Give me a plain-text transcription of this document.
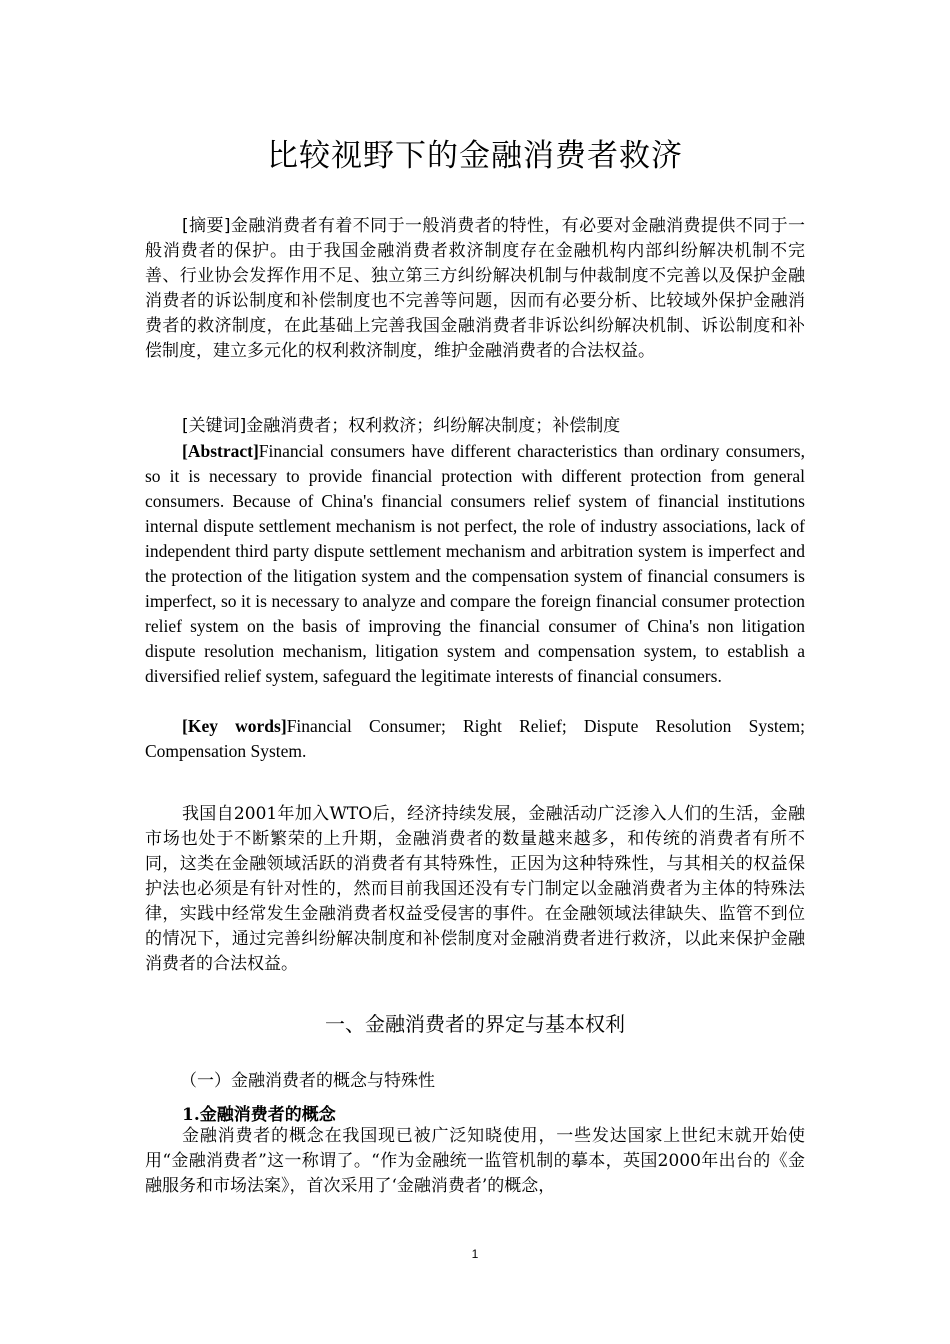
比较视野下的金融消费者救济
[摘要]金融消费者有着不同于一般消费者的特性，有必要对金融消费提供不同于一般消费者的保护。由于我国金融消费者救济制度存在金融机构内部纠纷解决机制不完善、行业协会发挥作用不足、独立第三方纠纷解决机制与仲裁制度不完善以及保护金融消费者的诉讼制度和补偿制度也不完善等问题，因而有必要分析、比较域外保护金融消费者的救济制度，在此基础上完善我国金融消费者非诉讼纠纷解决机制、诉讼制度和补偿制度，建立多元化的权利救济制度，维护金融消费者的合法权益。
[关键词]金融消费者；权利救济；纠纷解决制度；补偿制度
[Abstract]Financial consumers have different characteristics than ordinary consumers, so it is necessary to provide financial protection with different protection from general consumers. Because of China's financial consumers relief system of financial institutions internal dispute settlement mechanism is not perfect, the role of industry associations, lack of independent third party dispute settlement mechanism and arbitration system is imperfect and the protection of the litigation system and the compensation system of financial consumers is imperfect, so it is necessary to analyze and compare the foreign financial consumer protection relief system on the basis of improving the financial consumer of China's non litigation dispute resolution mechanism, litigation system and compensation system, to establish a diversified relief system, safeguard the legitimate interests of financial consumers.
[Key words]Financial Consumer; Right Relief; Dispute Resolution System; Compensation System.
我国自2001年加入WTO后，经济持续发展，金融活动广泛渗入人们的生活，金融市场也处于不断繁荣的上升期，金融消费者的数量越来越多，和传统的消费者有所不同，这类在金融领域活跃的消费者有其特殊性，正因为这种特殊性，与其相关的权益保护法也必须是有针对性的，然而目前我国还没有专门制定以金融消费者为主体的特殊法律，实践中经常发生金融消费者权益受侵害的事件。在金融领域法律缺失、监管不到位的情况下，通过完善纠纷解决制度和补偿制度对金融消费者进行救济，以此来保护金融消费者的合法权益。
一、金融消费者的界定与基本权利
（一）金融消费者的概念与特殊性
1.金融消费者的概念
金融消费者的概念在我国现已被广泛知晓使用，一些发达国家上世纪末就开始使用“金融消费者”这一称谓了。“作为金融统一监管机制的摹本，英国2000年出台的《金融服务和市场法案》，首次采用了‘金融消费者’的概念，
1
